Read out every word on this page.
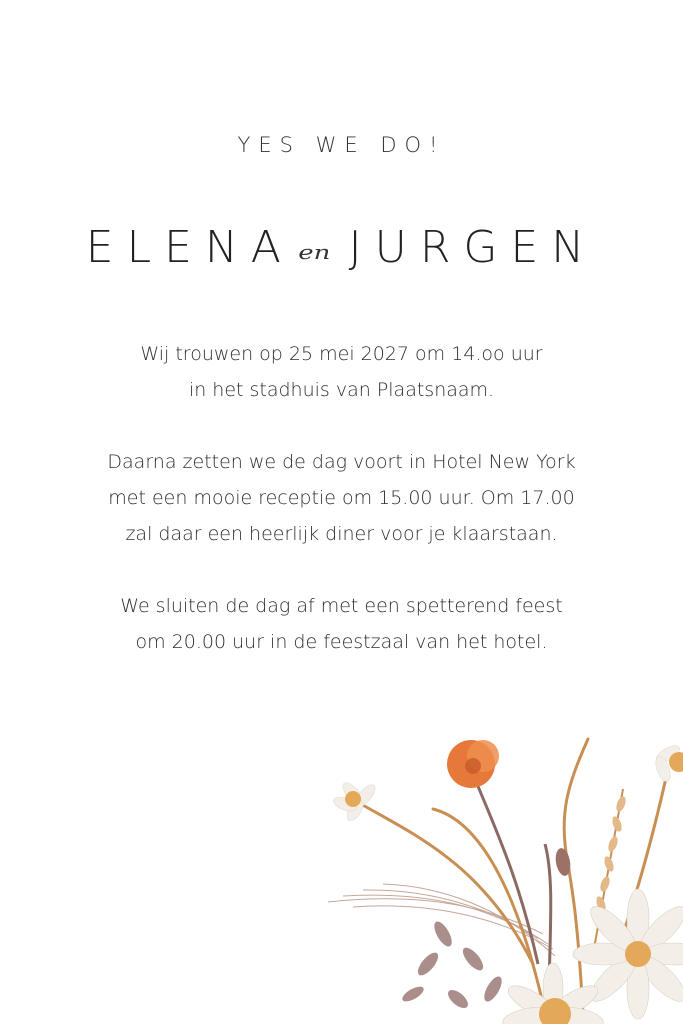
YES WE DO!
ELENA en JURGEN
Wij trouwen op 25 mei 2027 om 14.oo uur
in het stadhuis van Plaatsnaam.
Daarna zetten we de dag voort in Hotel New York
met een mooie receptie om 15.00 uur. Om 17.00
zal daar een heerlijk diner voor je klaarstaan.
We sluiten de dag af met een spetterend feest
om 20.00 uur in de feestzaal van het hotel.
